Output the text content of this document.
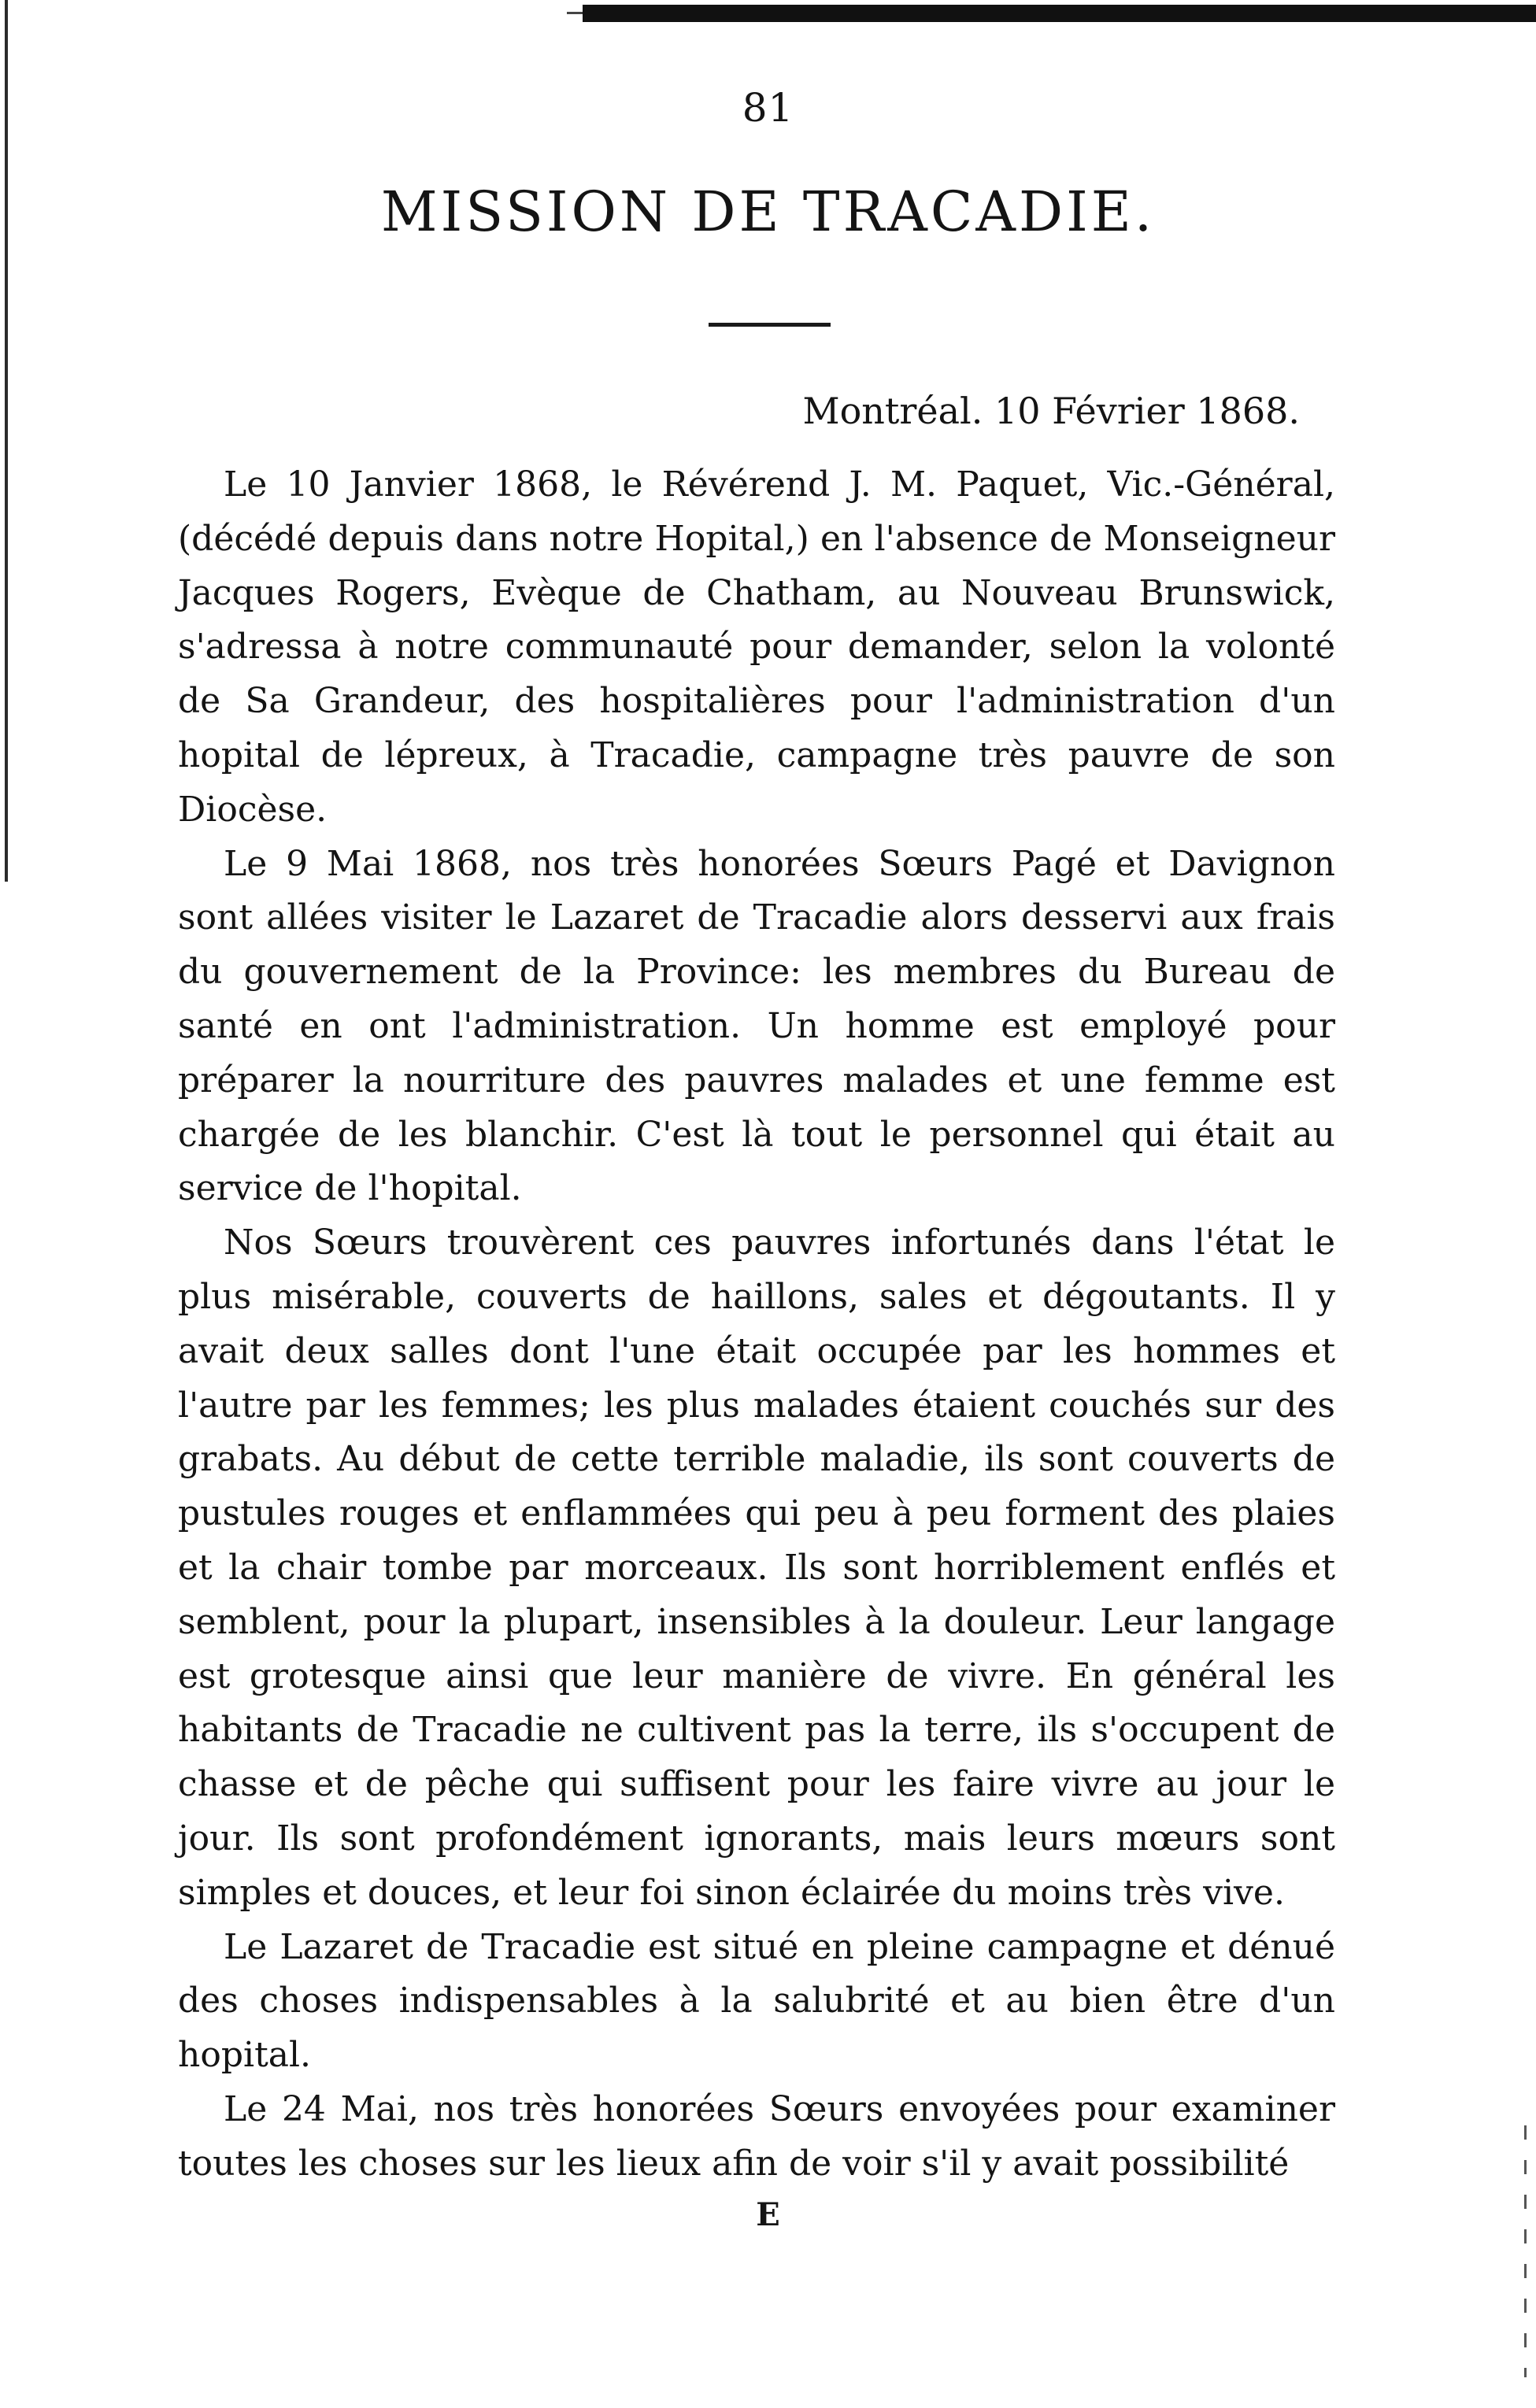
81
MISSION DE TRACADIE.
Montréal. 10 Février 1868.

Le 10 Janvier 1868, le Révérend J. M. Paquet, Vic.-Général, (décédé depuis dans notre Hopital,) en l'absence de Monseigneur Jacques Rogers, Evèque de Chatham, au Nouveau Brunswick, s'adressa à notre communauté pour demander, selon la volonté de Sa Grandeur, des hospitalières pour l'administration d'un hopital de lépreux, à Tracadie, campagne très pauvre de son Diocèse.

Le 9 Mai 1868, nos très honorées Sœurs Pagé et Davignon sont allées visiter le Lazaret de Tracadie alors desservi aux frais du gouvernement de la Province: les membres du Bureau de santé en ont l'administration. Un homme est employé pour préparer la nourriture des pauvres malades et une femme est chargée de les blanchir. C'est là tout le personnel qui était au service de l'hopital.

Nos Sœurs trouvèrent ces pauvres infortunés dans l'état le plus misérable, couverts de haillons, sales et dégoutants. Il y avait deux salles dont l'une était occupée par les hommes et l'autre par les femmes; les plus malades étaient couchés sur des grabats. Au début de cette terrible maladie, ils sont couverts de pustules rouges et enflammées qui peu à peu forment des plaies et la chair tombe par morceaux. Ils sont horriblement enflés et semblent, pour la plupart, insensibles à la douleur. Leur langage est grotesque ainsi que leur manière de vivre. En général les habitants de Tracadie ne cultivent pas la terre, ils s'occupent de chasse et de pêche qui suffisent pour les faire vivre au jour le jour. Ils sont profondément ignorants, mais leurs mœurs sont simples et douces, et leur foi sinon éclairée du moins très vive.

Le Lazaret de Tracadie est situé en pleine campagne et dénué des choses indispensables à la salubrité et au bien être d'un hopital.

Le 24 Mai, nos très honorées Sœurs envoyées pour examiner toutes les choses sur les lieux afin de voir s'il y avait possibilité

E
